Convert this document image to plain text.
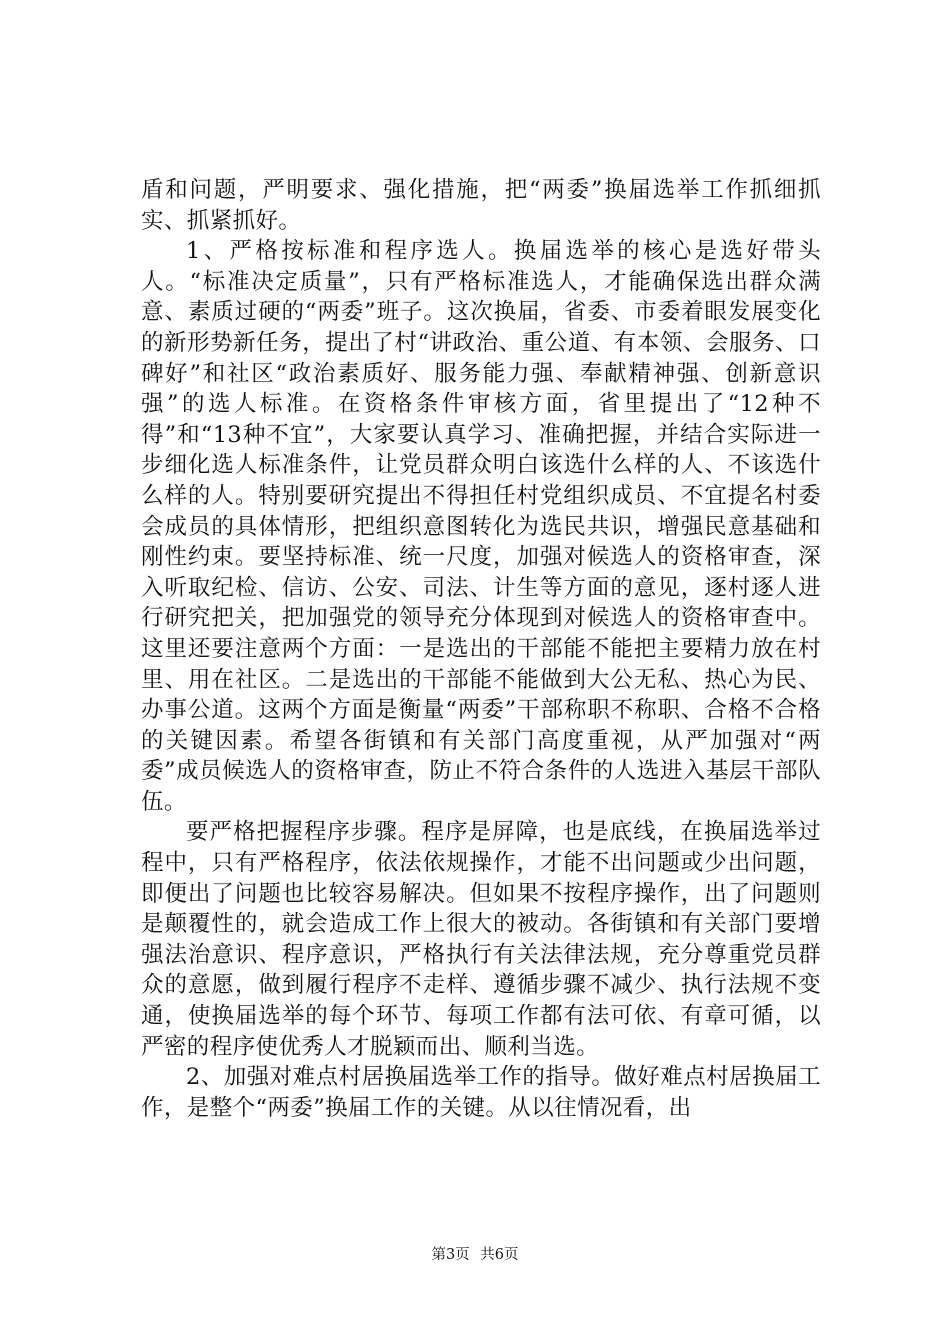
盾和问题，严明要求、强化措施，把“两委”换届选举工作抓细抓实、抓紧抓好。

1、严格按标准和程序选人。换届选举的核心是选好带头人。“标准决定质量”，只有严格标准选人，才能确保选出群众满意、素质过硬的“两委”班子。这次换届，省委、市委着眼发展变化的新形势新任务，提出了村“讲政治、重公道、有本领、会服务、口碑好”和社区“政治素质好、服务能力强、奉献精神强、创新意识强”的选人标准。在资格条件审核方面，省里提出了“12种不得”和“13种不宜”，大家要认真学习、准确把握，并结合实际进一步细化选人标准条件，让党员群众明白该选什么样的人、不该选什么样的人。特别要研究提出不得担任村党组织成员、不宜提名村委会成员的具体情形，把组织意图转化为选民共识，增强民意基础和刚性约束。要坚持标准、统一尺度，加强对候选人的资格审查，深入听取纪检、信访、公安、司法、计生等方面的意见，逐村逐人进行研究把关，把加强党的领导充分体现到对候选人的资格审查中。这里还要注意两个方面：一是选出的干部能不能把主要精力放在村里、用在社区。二是选出的干部能不能做到大公无私、热心为民、办事公道。这两个方面是衡量“两委”干部称职不称职、合格不合格的关键因素。希望各街镇和有关部门高度重视，从严加强对“两委”成员候选人的资格审查，防止不符合条件的人选进入基层干部队伍。

要严格把握程序步骤。程序是屏障，也是底线，在换届选举过程中，只有严格程序，依法依规操作，才能不出问题或少出问题，即便出了问题也比较容易解决。但如果不按程序操作，出了问题则是颠覆性的，就会造成工作上很大的被动。各街镇和有关部门要增强法治意识、程序意识，严格执行有关法律法规，充分尊重党员群众的意愿，做到履行程序不走样、遵循步骤不减少、执行法规不变通，使换届选举的每个环节、每项工作都有法可依、有章可循，以严密的程序使优秀人才脱颖而出、顺利当选。

2、加强对难点村居换届选举工作的指导。做好难点村居换届工作，是整个“两委”换届工作的关键。从以往情况看，出

第3页 共6页
